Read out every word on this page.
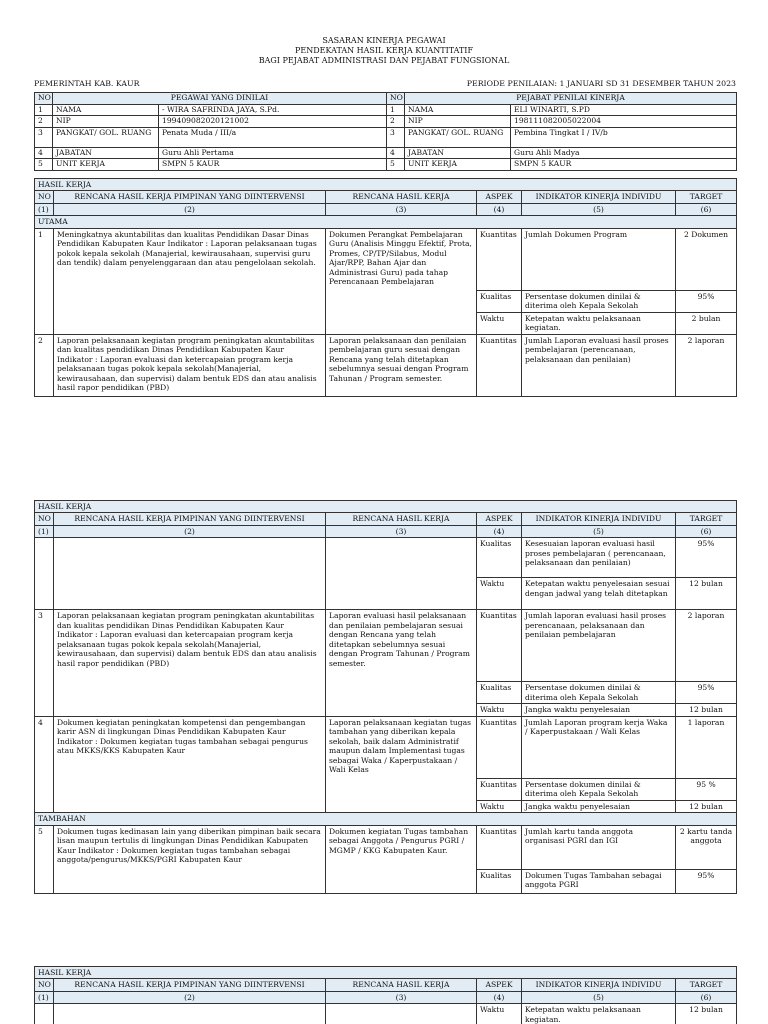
SASARAN KINERJA PEGAWAI
PENDEKATAN HASIL KERJA KUANTITATIF
BAGI PEJABAT ADMINISTRASI DAN PEJABAT FUNGSIONAL
PEMERINTAH KAB. KAUR	PERIODE PENILAIAN: 1 JANUARI SD 31 DESEMBER TAHUN 2023
NO	PEGAWAI YANG DINILAI		NO	PEJABAT PENILAI KINERJA	
1	NAMA	- WIRA SAFRINDA JAYA, S.Pd.	1	NAMA	ELI WINARTI, S.PD
2	NIP	199409082020121002	2	NIP	198111082005022004
3	PANGKAT/ GOL. RUANG	Penata Muda / III/a	3	PANGKAT/ GOL. RUANG	Pembina Tingkat I / IV/b
4	JABATAN	Guru Ahli Pertama	4	JABATAN	Guru Ahli Madya
5	UNIT KERJA	SMPN 5 KAUR	5	UNIT KERJA	SMPN 5 KAUR
HASIL KERJA					
NO	RENCANA HASIL KERJA PIMPINAN YANG DIINTERVENSI	RENCANA HASIL KERJA	ASPEK	INDIKATOR KINERJA INDIVIDU	TARGET
(1)	(2)	(3)	(4)	(5)	(6)
UTAMA					
1	Meningkatnya akuntabilitas dan kualitas Pendidikan Dasar Dinas Pendidikan Kabupaten Kaur Indikator : Laporan pelaksanaan tugas pokok kepala sekolah (Manajerial, kewirausahaan, supervisi guru dan tendik) dalam penyelenggaraan dan atau pengelolaan sekolah.	Dokumen Perangkat Pembelajaran Guru (Analisis Minggu Efektif, Prota, Promes, CP/TP/Silabus, Modul Ajar/RPP, Bahan Ajar dan Administrasi Guru) pada tahap Perencanaan Pembelajaran	Kuantitas	Jumlah Dokumen Program	2 Dokumen
			Kualitas	Persentase dokumen dinilai & diterima oleh Kepala Sekolah	95%
			Waktu	Ketepatan waktu pelaksanaan kegiatan.	2 bulan
2	Laporan pelaksanaan kegiatan program peningkatan akuntabilitas dan kualitas pendidikan Dinas Pendidikan Kabupaten Kaur Indikator : Laporan evaluasi dan ketercapaian program kerja pelaksanaan tugas pokok kepala sekolah(Manajerial, kewirausahaan, dan supervisi) dalam bentuk EDS dan atau analisis hasil rapor pendidikan (PBD)	Laporan pelaksanaan dan penilaian pembelajaran guru sesuai dengan Rencana yang telah ditetapkan sebelumnya sesuai dengan Program Tahunan / Program semester.	Kuantitas	Jumlah Laporan evaluasi hasil proses pembelajaran (perencanaan, pelaksanaan dan penilaian)	2 laporan
HASIL KERJA					
NO	RENCANA HASIL KERJA PIMPINAN YANG DIINTERVENSI	RENCANA HASIL KERJA	ASPEK	INDIKATOR KINERJA INDIVIDU	TARGET
(1)	(2)	(3)	(4)	(5)	(6)
			Kualitas	Kesesuaian laporan evaluasi hasil proses pembelajaran ( perencanaan, pelaksanaan dan penilaian)	95%
			Waktu	Ketepatan waktu penyelesaian sesuai dengan jadwal yang telah ditetapkan	12 bulan
3	Laporan pelaksanaan kegiatan program peningkatan akuntabilitas dan kualitas pendidikan Dinas Pendidikan Kabupaten Kaur Indikator : Laporan evaluasi dan ketercapaian program kerja pelaksanaan tugas pokok kepala sekolah(Manajerial, kewirausahaan, dan supervisi) dalam bentuk EDS dan atau analisis hasil rapor pendidikan (PBD)	Laporan evaluasi hasil pelaksanaan dan penilaian pembelajaran sesuai dengan Rencana yang telah ditetapkan sebelumnya sesuai dengan Program Tahunan / Program semester.	Kuantitas	Jumlah laporan evaluasi hasil proses perencanaan, pelaksanaan dan penilaian pembelajaran	2 laporan
			Kualitas	Persentase dokumen dinilai & diterima oleh Kepala Sekolah	95%
			Waktu	Jangka waktu penyelesaian	12 bulan
4	Dokumen kegiatan peningkatan kompetensi dan pengembangan karir ASN di lingkungan Dinas Pendidikan Kabupaten Kaur Indikator : Dokumen kegiatan tugas tambahan sebagai pengurus atau MKKS/KKS Kabupaten Kaur	Laporan pelaksanaan kegiatan tugas tambahan yang diberikan kepala sekolah, baik dalam Administratif maupun dalam Implementasi tugas sebagai Waka / Kaperpustakaan / Wali Kelas	Kuantitas	Jumlah Laporan program kerja Waka / Kaperpustakaan / Wali Kelas	1 laporan
			Kuantitas	Persentase dokumen dinilai & diterima oleh Kepala Sekolah	95 %
			Waktu	Jangka waktu penyelesaian	12 bulan
TAMBAHAN					
5	Dokumen tugas kedinasan lain yang diberikan pimpinan baik secara lisan maupun tertulis di lingkungan Dinas Pendidikan Kabupaten Kaur Indikator : Dokumen kegiatan tugas tambahan sebagai anggota/pengurus/MKKS/PGRI Kabupaten Kaur	Dokumen kegiatan Tugas tambahan sebagai Anggota / Pengurus PGRI / MGMP / KKG Kabupaten Kaur.	Kuantitas	Jumlah kartu tanda anggota organisasi PGRI dan IGI	2 kartu tanda anggota
			Kualitas	Dokumen Tugas Tambahan sebagai anggota PGRI	95%
HASIL KERJA					
NO	RENCANA HASIL KERJA PIMPINAN YANG DIINTERVENSI	RENCANA HASIL KERJA	ASPEK	INDIKATOR KINERJA INDIVIDU	TARGET
(1)	(2)	(3)	(4)	(5)	(6)
			Waktu	Ketepatan waktu pelaksanaan kegiatan.	12 bulan
